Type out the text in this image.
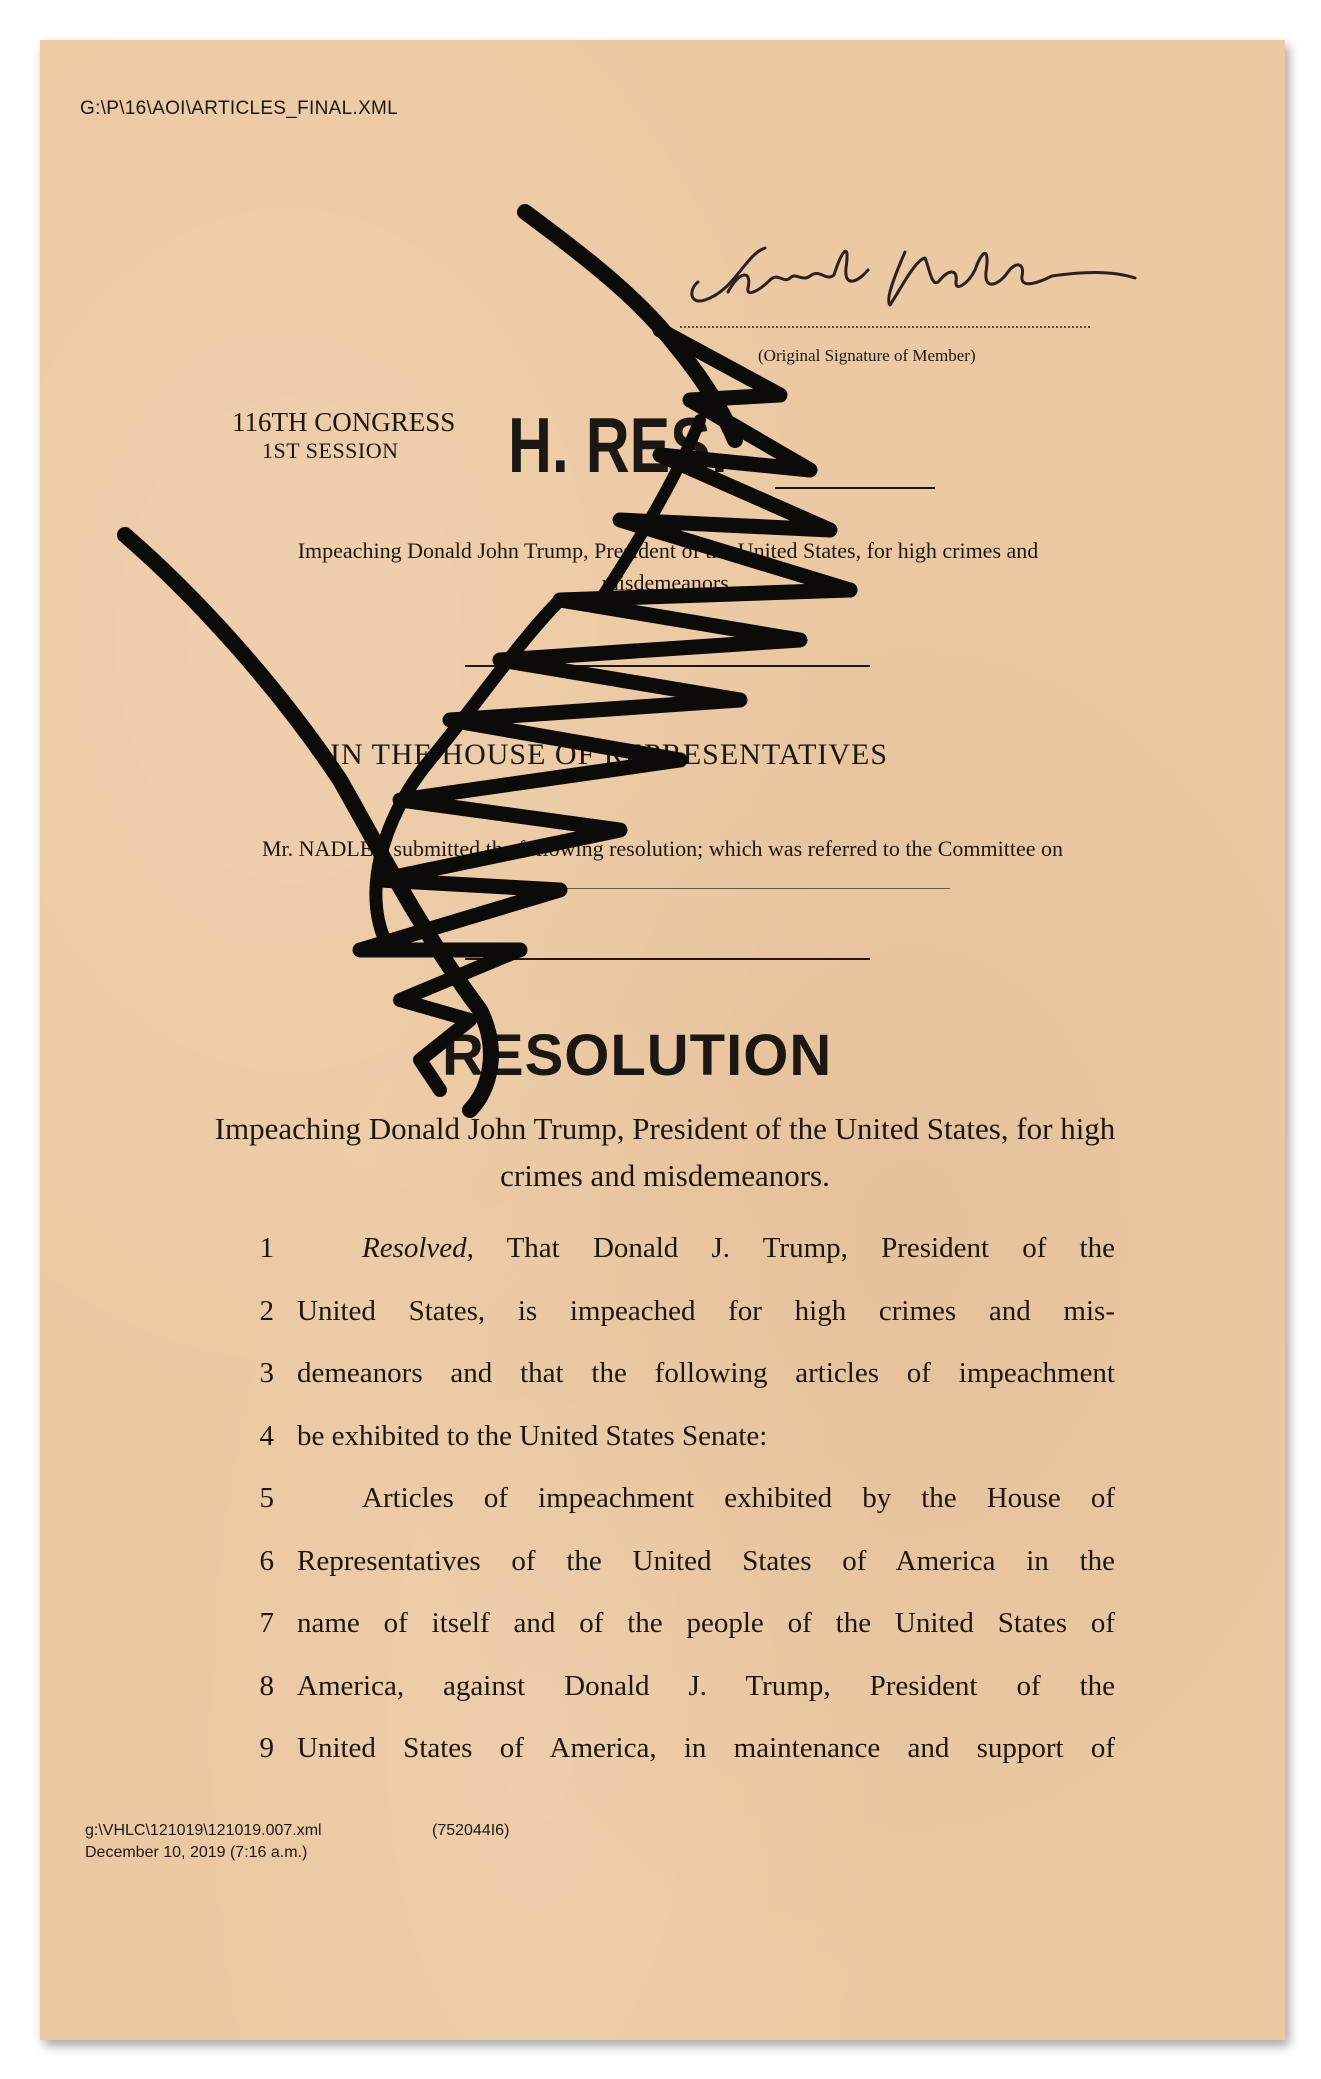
G:\P\16\AOI\ARTICLES_FINAL.XML
(Original Signature of Member)
116TH CONGRESS
1ST SESSION H. RES.
Impeaching Donald John Trump, President of the United States, for high crimes and misdemeanors.
IN THE HOUSE OF REPRESENTATIVES
Mr. NADLER submitted the following resolution; which was referred to the Committee on
RESOLUTION
Impeaching Donald John Trump, President of the United States, for high crimes and misdemeanors.
1	Resolved, That Donald J. Trump, President of the
2 United States, is impeached for high crimes and mis-
3 demeanors and that the following articles of impeachment
4 be exhibited to the United States Senate:
5	Articles of impeachment exhibited by the House of
6 Representatives of the United States of America in the
7 name of itself and of the people of the United States of
8 America, against Donald J. Trump, President of the
9 United States of America, in maintenance and support of
g:\VHLC\121019\121019.007.xml
December 10, 2019 (7:16 a.m.)
(752044I6)
